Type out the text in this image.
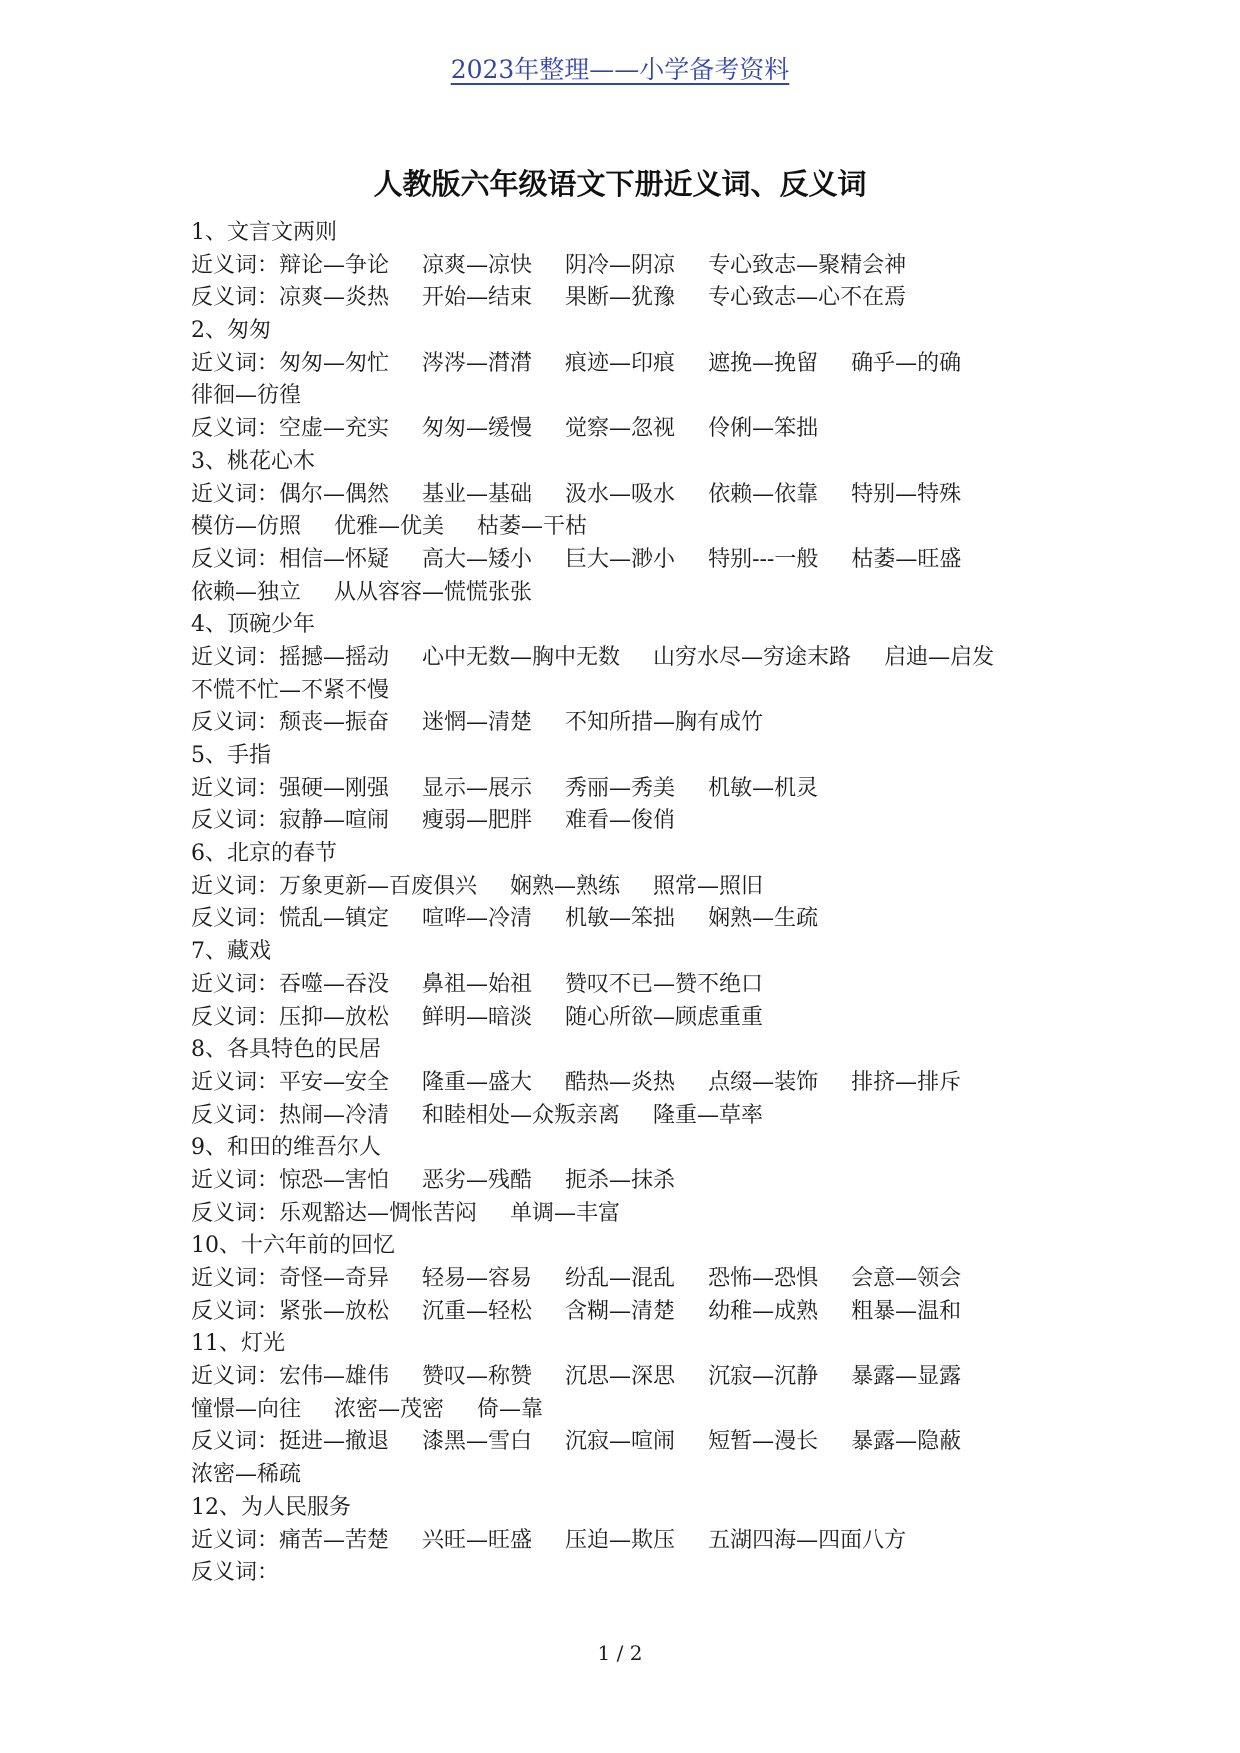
2023年整理——小学备考资料
人教版六年级语文下册近义词、反义词
1、文言文两则
近义词：辩论—争论 凉爽—凉快 阴冷—阴凉 专心致志—聚精会神
反义词：凉爽—炎热 开始—结束 果断—犹豫 专心致志—心不在焉
2、匆匆
近义词：匆匆—匆忙 涔涔—潸潸 痕迹—印痕 遮挽—挽留 确乎—的确
徘徊—彷徨
反义词：空虚—充实 匆匆—缓慢 觉察—忽视 伶俐—笨拙
3、桃花心木
近义词：偶尔—偶然 基业—基础 汲水—吸水 依赖—依靠 特别—特殊
模仿—仿照 优雅—优美 枯萎—干枯
反义词：相信—怀疑 高大—矮小 巨大—渺小 特别---一般 枯萎—旺盛
依赖—独立 从从容容—慌慌张张
4、顶碗少年
近义词：摇撼—摇动 心中无数—胸中无数 山穷水尽—穷途末路 启迪—启发
不慌不忙—不紧不慢
反义词：颓丧—振奋 迷惘—清楚 不知所措—胸有成竹
5、手指
近义词：强硬—刚强 显示—展示 秀丽—秀美 机敏—机灵
反义词：寂静—喧闹 瘦弱—肥胖 难看—俊俏
6、北京的春节
近义词：万象更新—百废俱兴 娴熟—熟练 照常—照旧
反义词：慌乱—镇定 喧哗—冷清 机敏—笨拙 娴熟—生疏
7、藏戏
近义词：吞噬—吞没 鼻祖—始祖 赞叹不已—赞不绝口
反义词：压抑—放松 鲜明—暗淡 随心所欲—顾虑重重
8、各具特色的民居
近义词：平安—安全 隆重—盛大 酷热—炎热 点缀—装饰 排挤—排斥
反义词：热闹—冷清 和睦相处—众叛亲离 隆重—草率
9、和田的维吾尔人
近义词：惊恐—害怕 恶劣—残酷 扼杀—抹杀
反义词：乐观豁达—惆怅苦闷 单调—丰富
10、十六年前的回忆
近义词：奇怪—奇异 轻易—容易 纷乱—混乱 恐怖—恐惧 会意—领会
反义词：紧张—放松 沉重—轻松 含糊—清楚 幼稚—成熟 粗暴—温和
11、灯光
近义词：宏伟—雄伟 赞叹—称赞 沉思—深思 沉寂—沉静 暴露—显露
憧憬—向往 浓密—茂密 倚—靠
反义词：挺进—撤退 漆黑—雪白 沉寂—喧闹 短暂—漫长 暴露—隐蔽
浓密—稀疏
12、为人民服务
近义词：痛苦—苦楚 兴旺—旺盛 压迫—欺压 五湖四海—四面八方
反义词：
1 / 2
